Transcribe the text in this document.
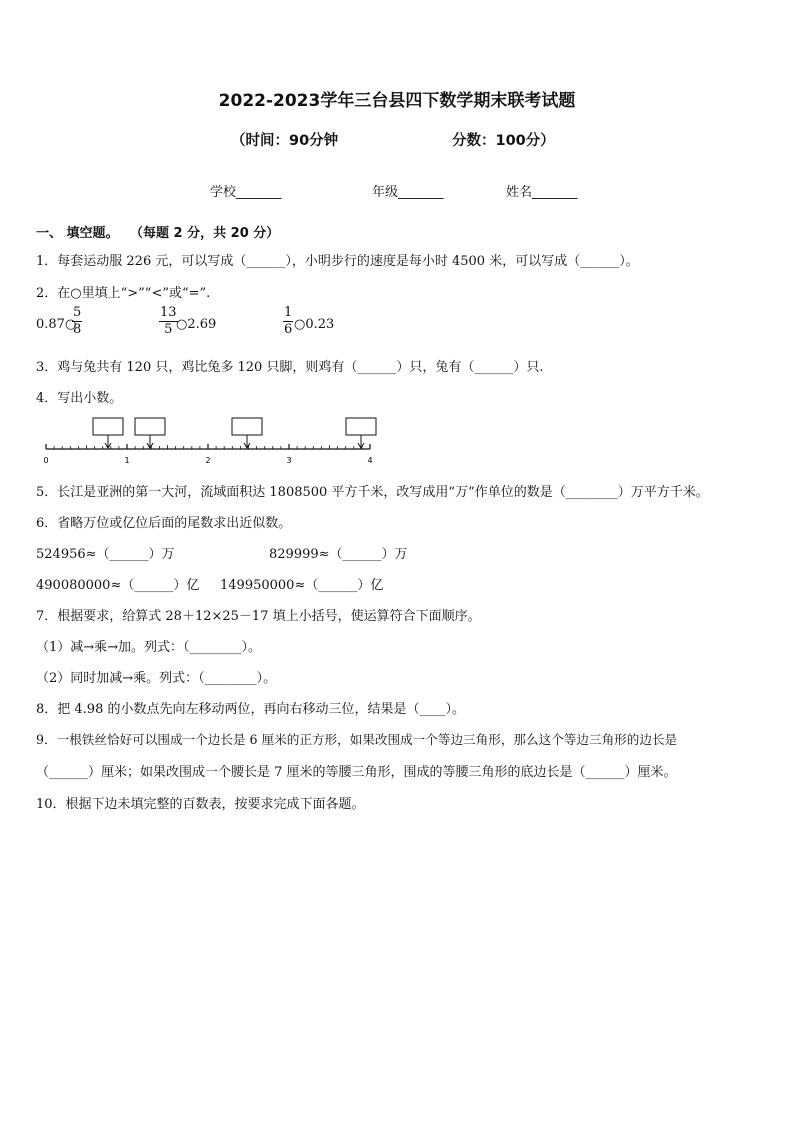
2022-2023学年三台县四下数学期末联考试题
（时间：90分钟	分数：100分）
学校_______	年级_______	姓名_______
一、 填空题。 （每题 2 分，共 20 分）
1．每套运动服 226 元，可以写成（______），小明步行的速度是每小时 4500 米，可以写成（______）。
2．在○里填上“>”“<”或“=”.
0.87○
$\frac{5}{8}$	$\frac{13}{5}$
○2.69	$\frac{1}{6}$ ○0.23
3．鸡与兔共有 120 只，鸡比兔多 120 只脚，则鸡有（______）只，兔有（______）只.
4．写出小数。
0	1	2	3	4
5．长江是亚洲的第一大河，流域面积达 1808500 平方千米，改写成用“万”作单位的数是（________）万平方千米。
6．省略万位或亿位后面的尾数求出近似数。
524956≈（______）万	829999≈（______）万
490080000≈（______）亿 149950000≈（______）亿
7．根据要求，给算式 28＋12×25－17 填上小括号，使运算符合下面顺序。
（1）减→乘→加。列式：（________）。
（2）同时加减→乘。列式：（________）。
8．把 4.98 的小数点先向左移动两位，再向右移动三位，结果是（____）。
9．一根铁丝恰好可以围成一个边长是 6 厘米的正方形，如果改围成一个等边三角形，那么这个等边三角形的边长是
（______）厘米；如果改围成一个腰长是 7 厘米的等腰三角形，围成的等腰三角形的底边长是（______）厘米。
10．根据下边未填完整的百数表，按要求完成下面各题。
